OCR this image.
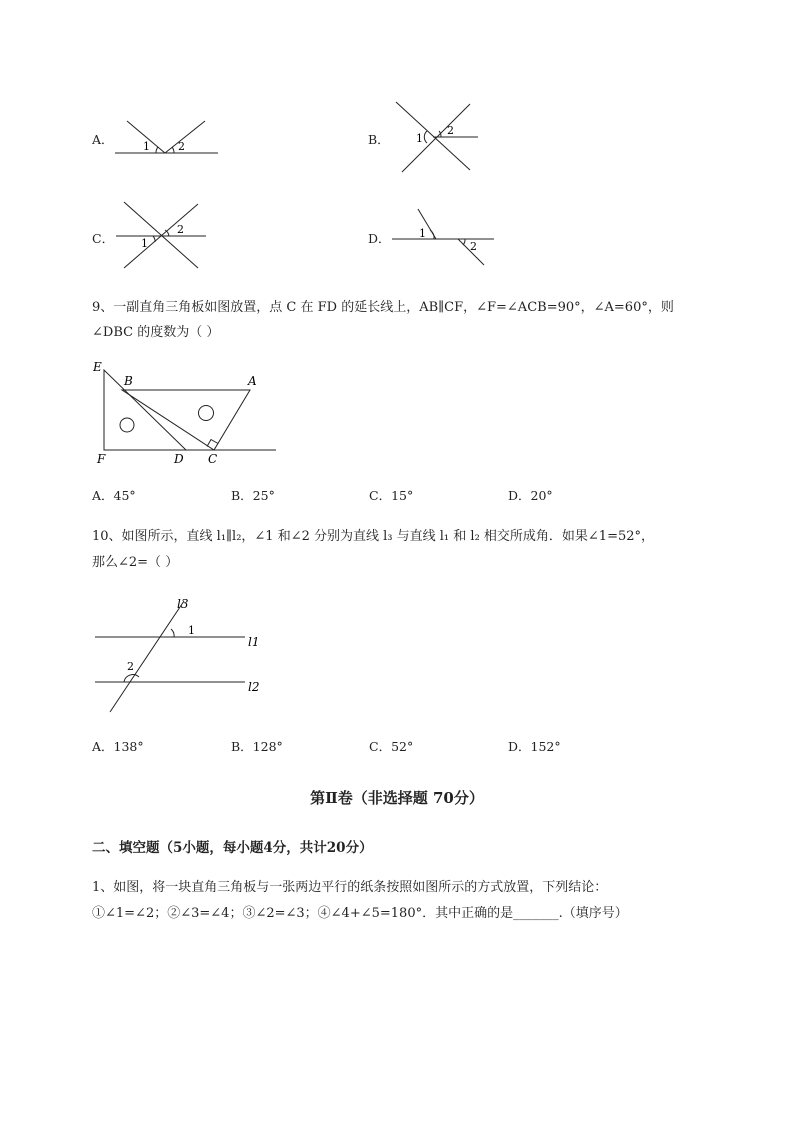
A．	1	2	B． 1
2
C． 1
2
D．	1
2
9、一副直角三角板如图放置，点 C 在 FD 的延长线上，AB∥CF，∠F=∠ACB=90°，∠A=60°，则
∠DBC 的度数为（ ）
E
B	A
F	D C
A．45°	B．25°	C．15°	D．20°
10、如图所示，直线 l₁∥l₂，∠1 和∠2 分别为直线 l₃ 与直线 l₁ 和 l₂ 相交所成角．如果∠1=52°，
那么∠2=（ ）
1
2
l3
l1
l2
A．138°	B．128°	C．52°	D．152°
第Ⅱ卷（非选择题 70分）
二、填空题（5小题，每小题4分，共计20分）
1、如图，将一块直角三角板与一张两边平行的纸条按照如图所示的方式放置，下列结论：
①∠1=∠2；②∠3=∠4；③∠2=∠3；④∠4+∠5=180°．其中正确的是_______.（填序号）
